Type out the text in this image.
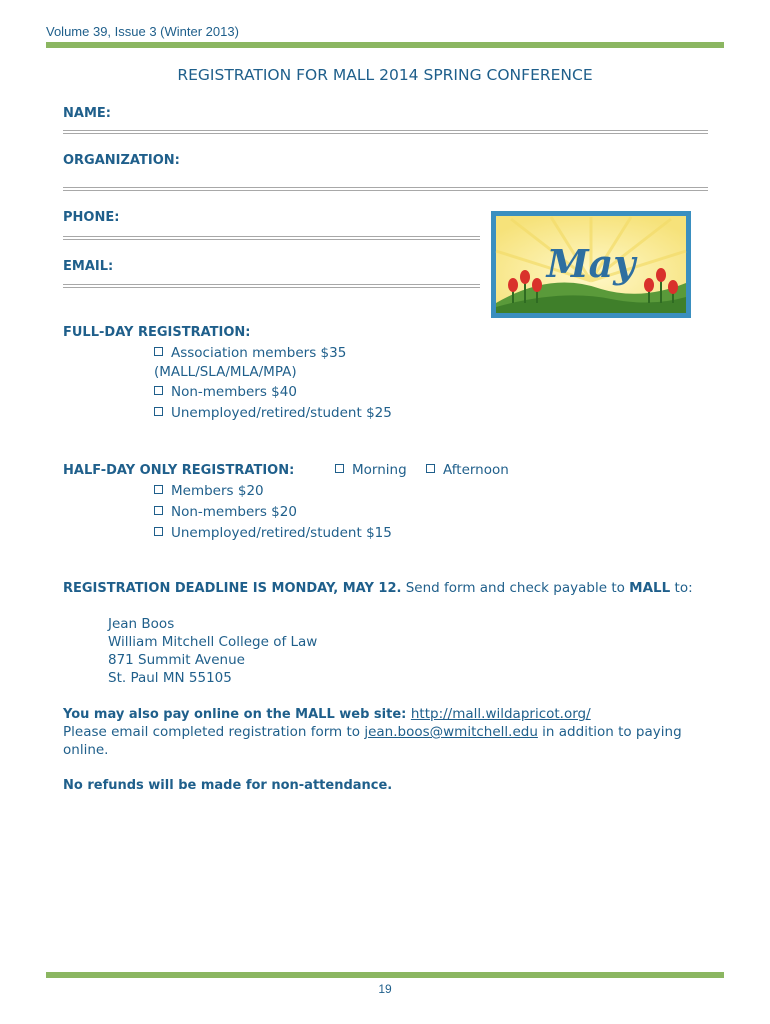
Volume 39, Issue 3 (Winter 2013)
REGISTRATION FOR MALL 2014 SPRING CONFERENCE
NAME:
ORGANIZATION:
PHONE:
EMAIL:	May
FULL-DAY REGISTRATION:
Association members $35
(MALL/SLA/MLA/MPA)
Non-members $40
Unemployed/retired/student $25
HALF-DAY ONLY REGISTRATION:	Morning	Afternoon
Members $20
Non-members $20
Unemployed/retired/student $15
REGISTRATION DEADLINE IS MONDAY, MAY 12. Send form and check payable to MALL to:
Jean Boos
William Mitchell College of Law
871 Summit Avenue
St. Paul MN 55105
You may also pay online on the MALL web site: http://mall.wildapricot.org/
Please email completed registration form to jean.boos@wmitchell.edu in addition to paying
online.
No refunds will be made for non-attendance.
19
